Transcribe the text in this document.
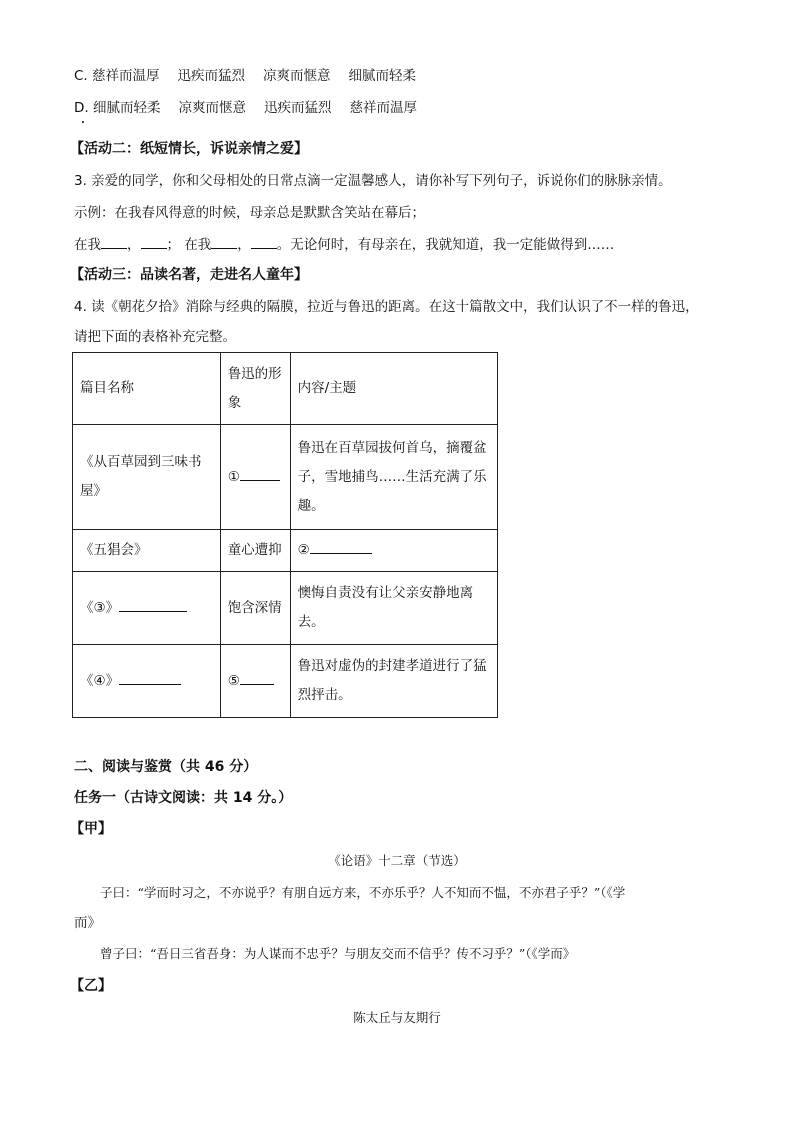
C. 慈祥而温厚 迅疾而猛烈 凉爽而惬意 细腻而轻柔
D. 细腻而轻柔 凉爽而惬意 迅疾而猛烈 慈祥而温厚
【活动二：纸短情长，诉说亲情之爱】
3. 亲爱的同学，你和父母相处的日常点滴一定温馨感人，请你补写下列句子，诉说你们的脉脉亲情。
示例：在我春风得意的时候，母亲总是默默含笑站在幕后；
在我 ， ； 在我 ， 。无论何时，有母亲在，我就知道，我一定能做得到……
【活动三：品读名著，走进名人童年】
4. 读《朝花夕拾》消除与经典的隔膜，拉近与鲁迅的距离。在这十篇散文中，我们认识了不一样的鲁迅，
请把下面的表格补充完整。
篇目名称	鲁迅的形象	内容/主题
《从百草园到三味书屋》	①	鲁迅在百草园拔何首乌，摘覆盆子，雪地捕鸟……生活充满了乐趣。
《五猖会》	童心遭抑	②
《③》	饱含深情	懊悔自责没有让父亲安静地离去。
《④》	⑤	鲁迅对虚伪的封建孝道进行了猛烈抨击。
二、阅读与鉴赏（共 46 分）
任务一（古诗文阅读：共 14 分。）
【甲】
《论语》十二章（节选）
子曰：“学而时习之，不亦说乎？有朋自远方来，不亦乐乎？人不知而不愠，不亦君子乎？”（《学
而》
曾子曰：“吾日三省吾身：为人谋而不忠乎？与朋友交而不信乎？传不习乎？”（《学而》
【乙】
陈太丘与友期行
